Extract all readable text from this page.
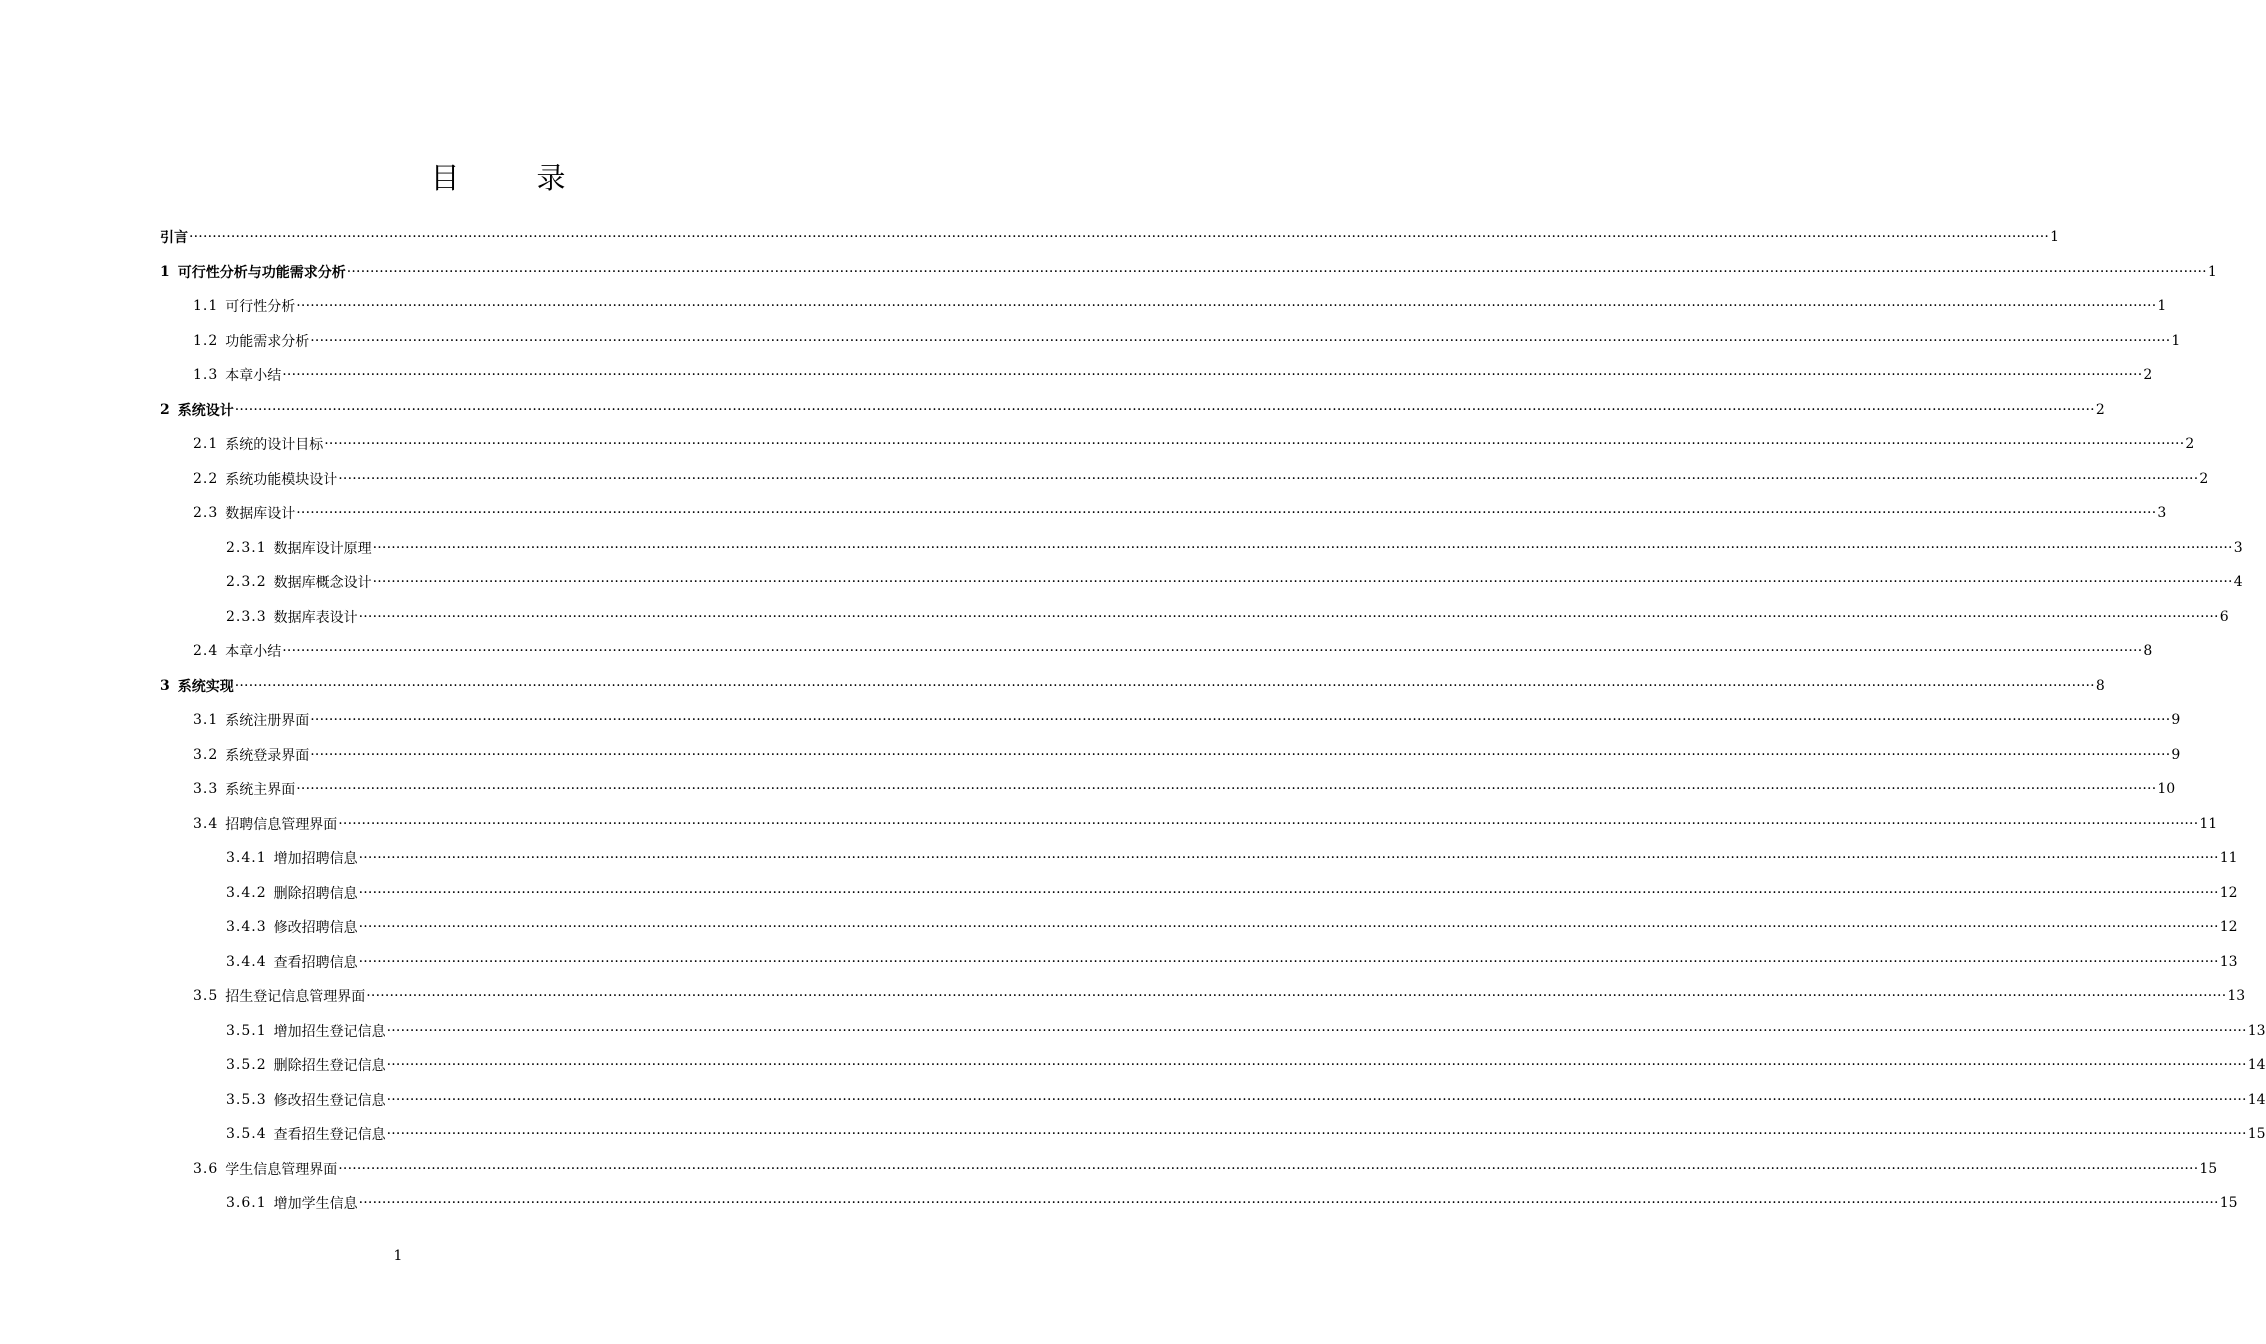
目　录
引言 ················································································································································································································································································································································································································ 1
1 可行性分析与功能需求分析 ················································································································································································································································································································································································································ 1
1.1 可行性分析 ················································································································································································································································································································································································································ 1
1.2 功能需求分析 ················································································································································································································································································································································································································ 1
1.3 本章小结 ················································································································································································································································································································································································································ 2
2 系统设计 ················································································································································································································································································································································································································ 2
2.1 系统的设计目标 ················································································································································································································································································································································································································ 2
2.2 系统功能模块设计 ················································································································································································································································································································································································································ 2
2.3 数据库设计 ················································································································································································································································································································································································································ 3
2.3.1 数据库设计原理 ················································································································································································································································································································································································································ 3
2.3.2 数据库概念设计 ················································································································································································································································································································································································································ 4
2.3.3 数据库表设计 ················································································································································································································································································································································································································ 6
2.4 本章小结 ················································································································································································································································································································································································································ 8
3 系统实现 ················································································································································································································································································································································································································ 8
3.1 系统注册界面 ················································································································································································································································································································································································································ 9
3.2 系统登录界面 ················································································································································································································································································································································································································ 9
3.3 系统主界面 ················································································································································································································································································································································································································ 10
3.4 招聘信息管理界面 ················································································································································································································································································································································································································ 11
3.4.1 增加招聘信息 ················································································································································································································································································································································································································ 11
3.4.2 删除招聘信息 ················································································································································································································································································································································································································ 12
3.4.3 修改招聘信息 ················································································································································································································································································································································································································ 12
3.4.4 查看招聘信息 ················································································································································································································································································································································································································ 13
3.5 招生登记信息管理界面 ················································································································································································································································································································································································································ 13
3.5.1 增加招生登记信息 ················································································································································································································································································································································································································ 13
3.5.2 删除招生登记信息 ················································································································································································································································································································································································································ 14
3.5.3 修改招生登记信息 ················································································································································································································································································································································································································ 14
3.5.4 查看招生登记信息 ················································································································································································································································································································································································································ 15
3.6 学生信息管理界面 ················································································································································································································································································································································································································ 15
3.6.1 增加学生信息 ················································································································································································································································································································································································································ 15
1
